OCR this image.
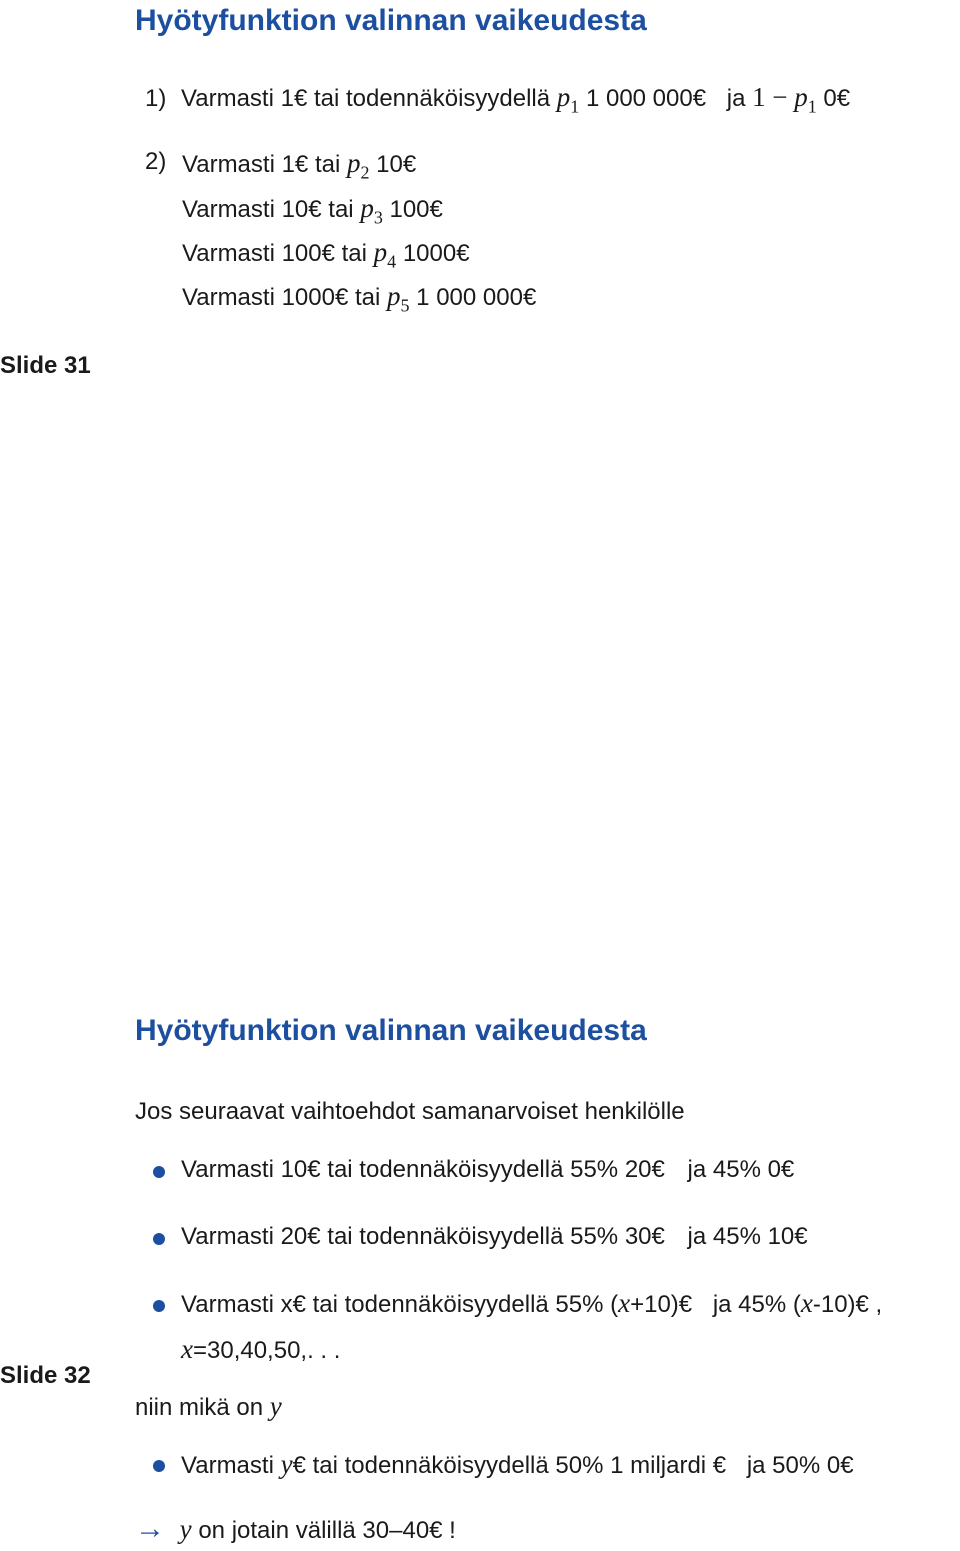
Hyötyfunktion valinnan vaikeudesta
1) Varmasti 1€ tai todennäköisyydellä $p_1$ 1 000 000€ ja $1 - p_1$ 0€
2) Varmasti 1€ tai $p_2$ 10€
Varmasti 10€ tai $p_3$ 100€
Varmasti 100€ tai $p_4$ 1000€
Varmasti 1000€ tai $p_5$ 1 000 000€
Slide 31
Hyötyfunktion valinnan vaikeudesta
Jos seuraavat vaihtoehdot samanarvoiset henkilölle
Varmasti 10€ tai todennäköisyydellä 55% 20€ ja 45% 0€
Varmasti 20€ tai todennäköisyydellä 55% 30€ ja 45% 10€
Varmasti x€ tai todennäköisyydellä 55% (x+10)€ ja 45% (x-10)€ ,
x=30,40,50,. . .
Slide 32
niin mikä on y
Varmasti y€ tai todennäköisyydellä 50% 1 miljardi € ja 50% 0€
→ y on jotain välillä 30–40€ !
